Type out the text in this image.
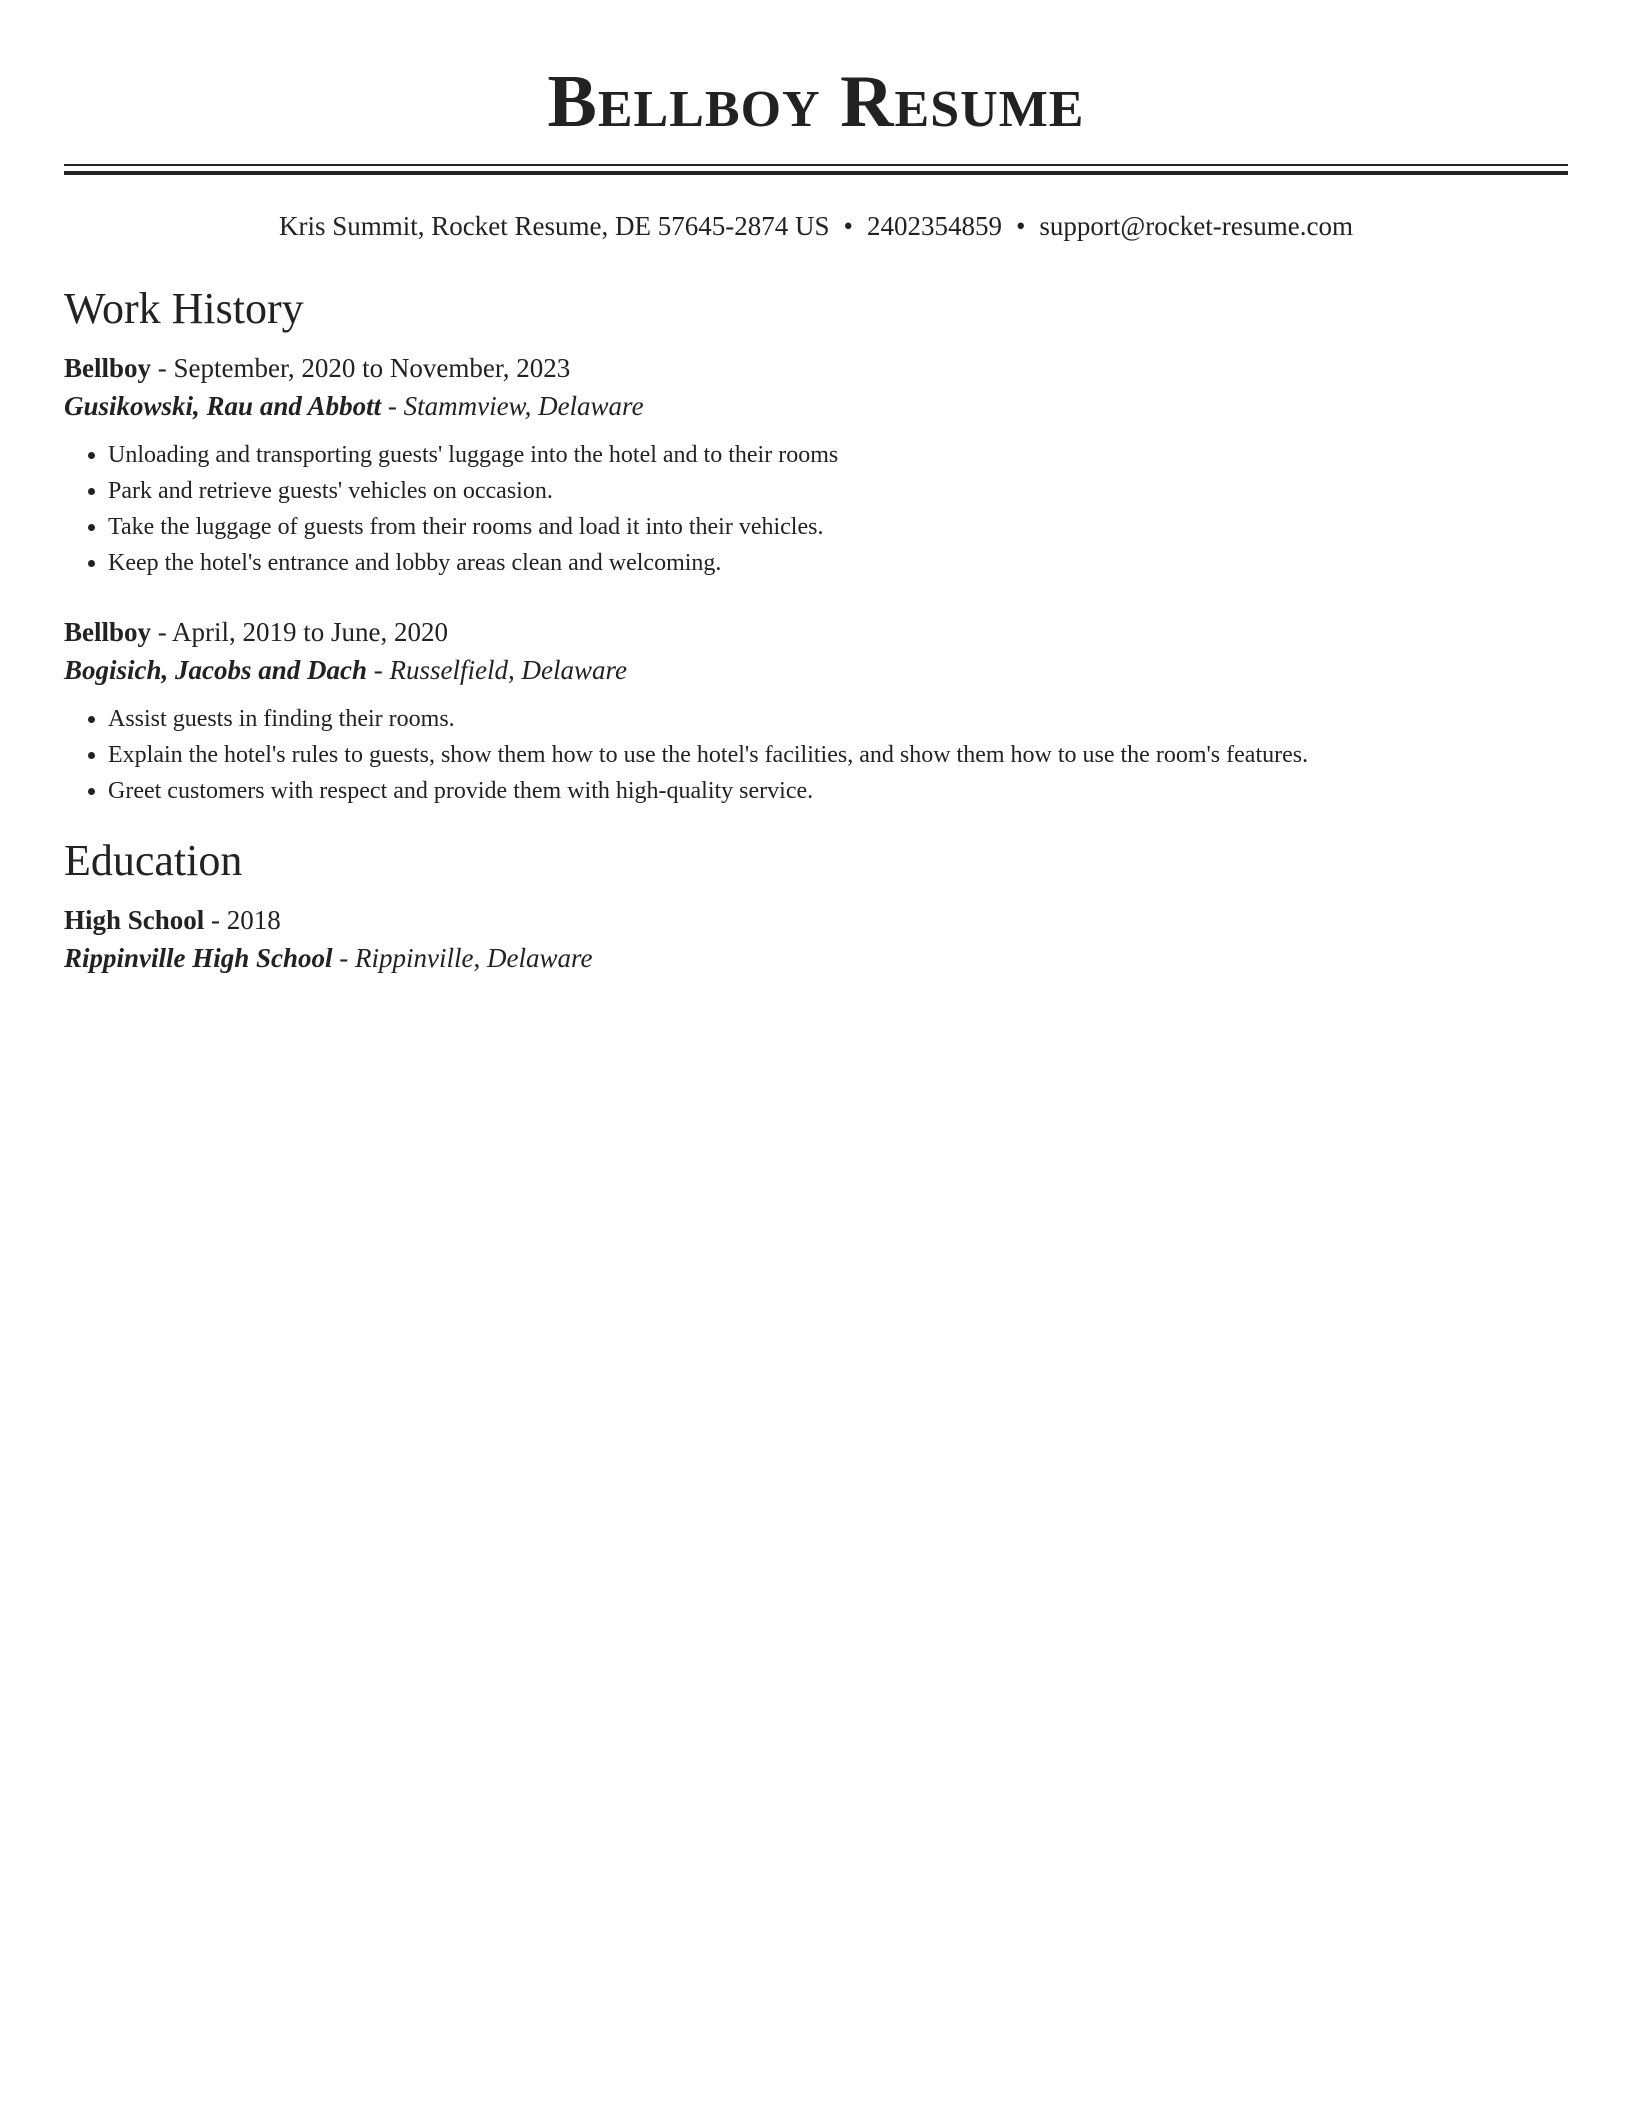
Bellboy Resume
Kris Summit, Rocket Resume, DE 57645-2874 US • 2402354859 • support@rocket-resume.com
Work History
Bellboy - September, 2020 to November, 2023
Gusikowski, Rau and Abbott - Stammview, Delaware
• Unloading and transporting guests' luggage into the hotel and to their rooms
• Park and retrieve guests' vehicles on occasion.
• Take the luggage of guests from their rooms and load it into their vehicles.
• Keep the hotel's entrance and lobby areas clean and welcoming.
Bellboy - April, 2019 to June, 2020
Bogisich, Jacobs and Dach - Russelfield, Delaware
• Assist guests in finding their rooms.
• Explain the hotel's rules to guests, show them how to use the hotel's facilities, and show them how to use the room's features.
• Greet customers with respect and provide them with high-quality service.
Education
High School - 2018
Rippinville High School - Rippinville, Delaware
